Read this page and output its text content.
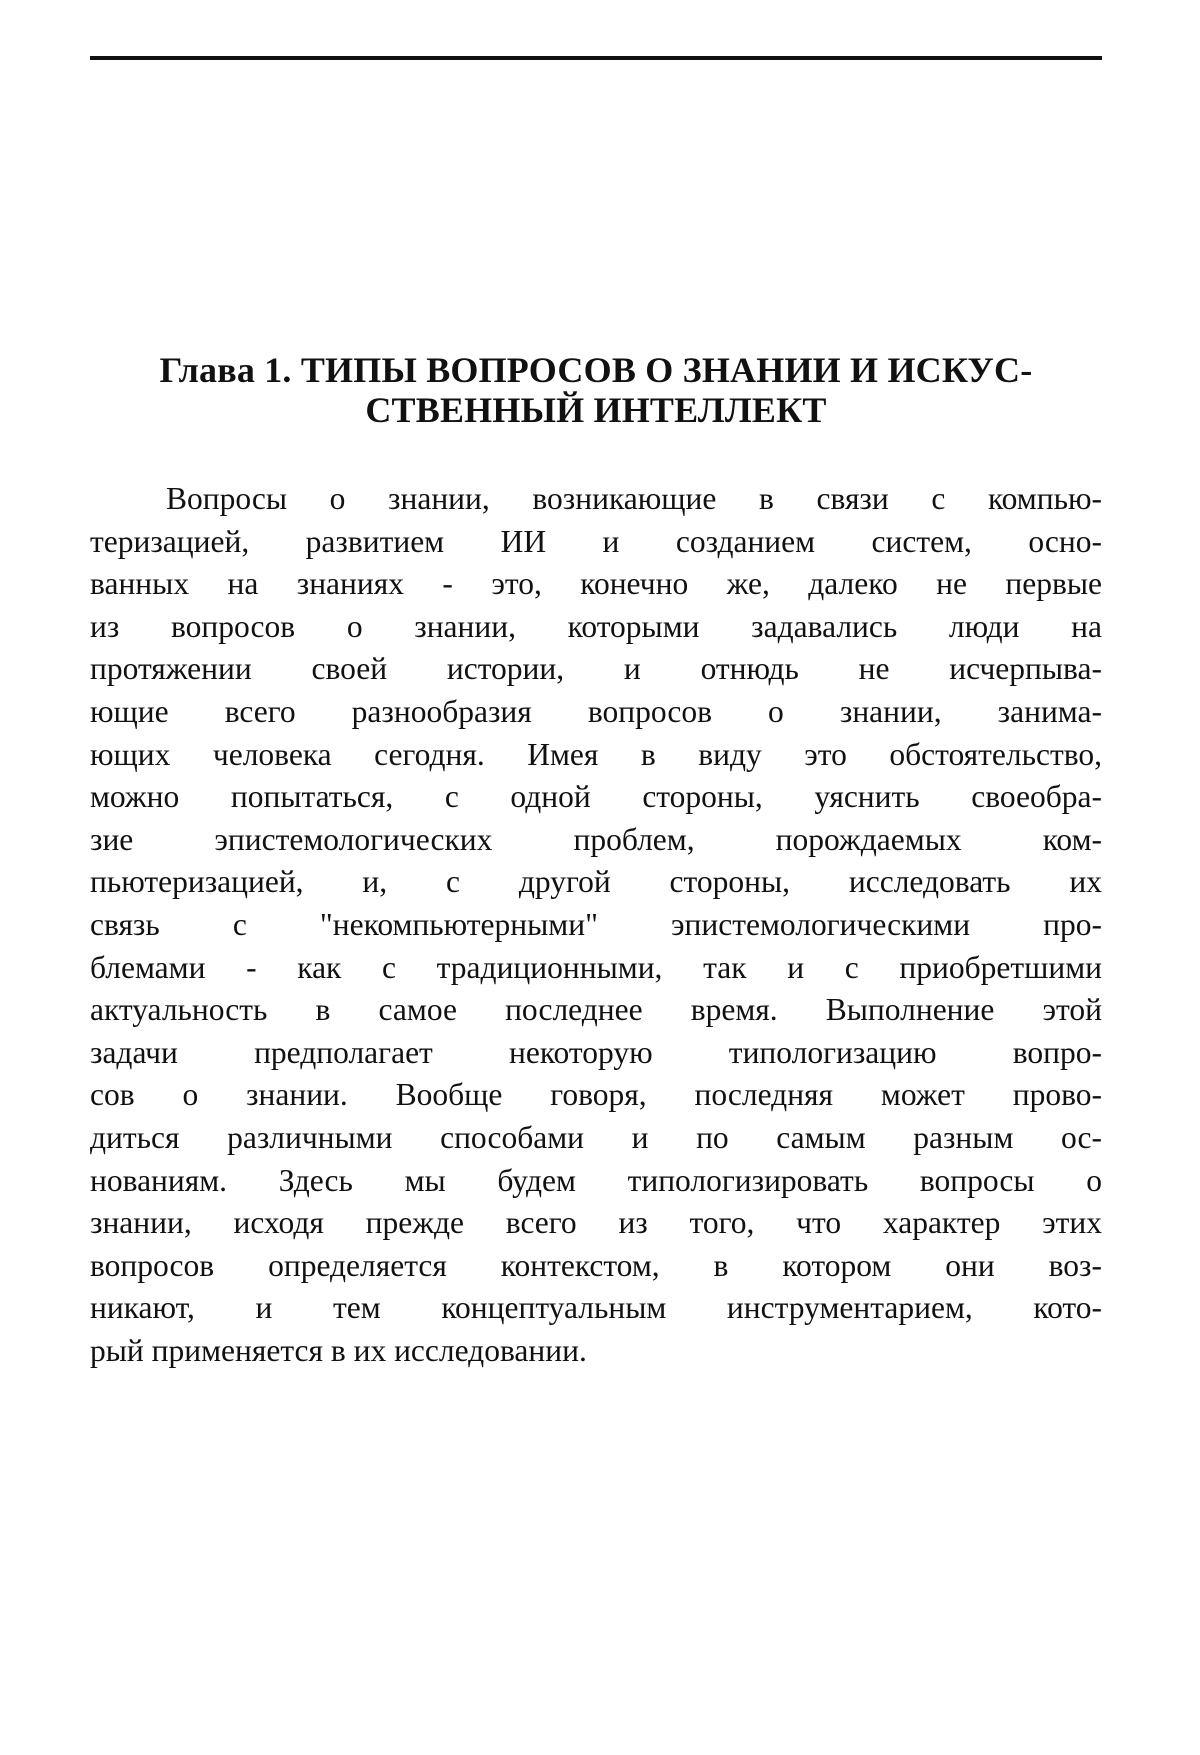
Глава 1. ТИПЫ ВОПРОСОВ О ЗНАНИИ И ИСКУС-
СТВЕННЫЙ ИНТЕЛЛЕКТ
Вопросы о знании, возникающие в связи с компью-
теризацией, развитием ИИ и созданием систем, осно-
ванных на знаниях - это, конечно же, далеко не первые
из вопросов о знании, которыми задавались люди на
протяжении своей истории, и отнюдь не исчерпыва-
ющие всего разнообразия вопросов о знании, занима-
ющих человека сегодня. Имея в виду это обстоятельство,
можно попытаться, с одной стороны, уяснить своеобра-
зие эпистемологических проблем, порождаемых ком-
пьютеризацией, и, с другой стороны, исследовать их
связь с "некомпьютерными" эпистемологическими про-
блемами - как с традиционными, так и с приобретшими
актуальность в самое последнее время. Выполнение этой
задачи предполагает некоторую типологизацию вопро-
сов о знании. Вообще говоря, последняя может прово-
диться различными способами и по самым разным ос-
нованиям. Здесь мы будем типологизировать вопросы о
знании, исходя прежде всего из того, что характер этих
вопросов определяется контекстом, в котором они воз-
никают, и тем концептуальным инструментарием, кото-
рый применяется в их исследовании.
